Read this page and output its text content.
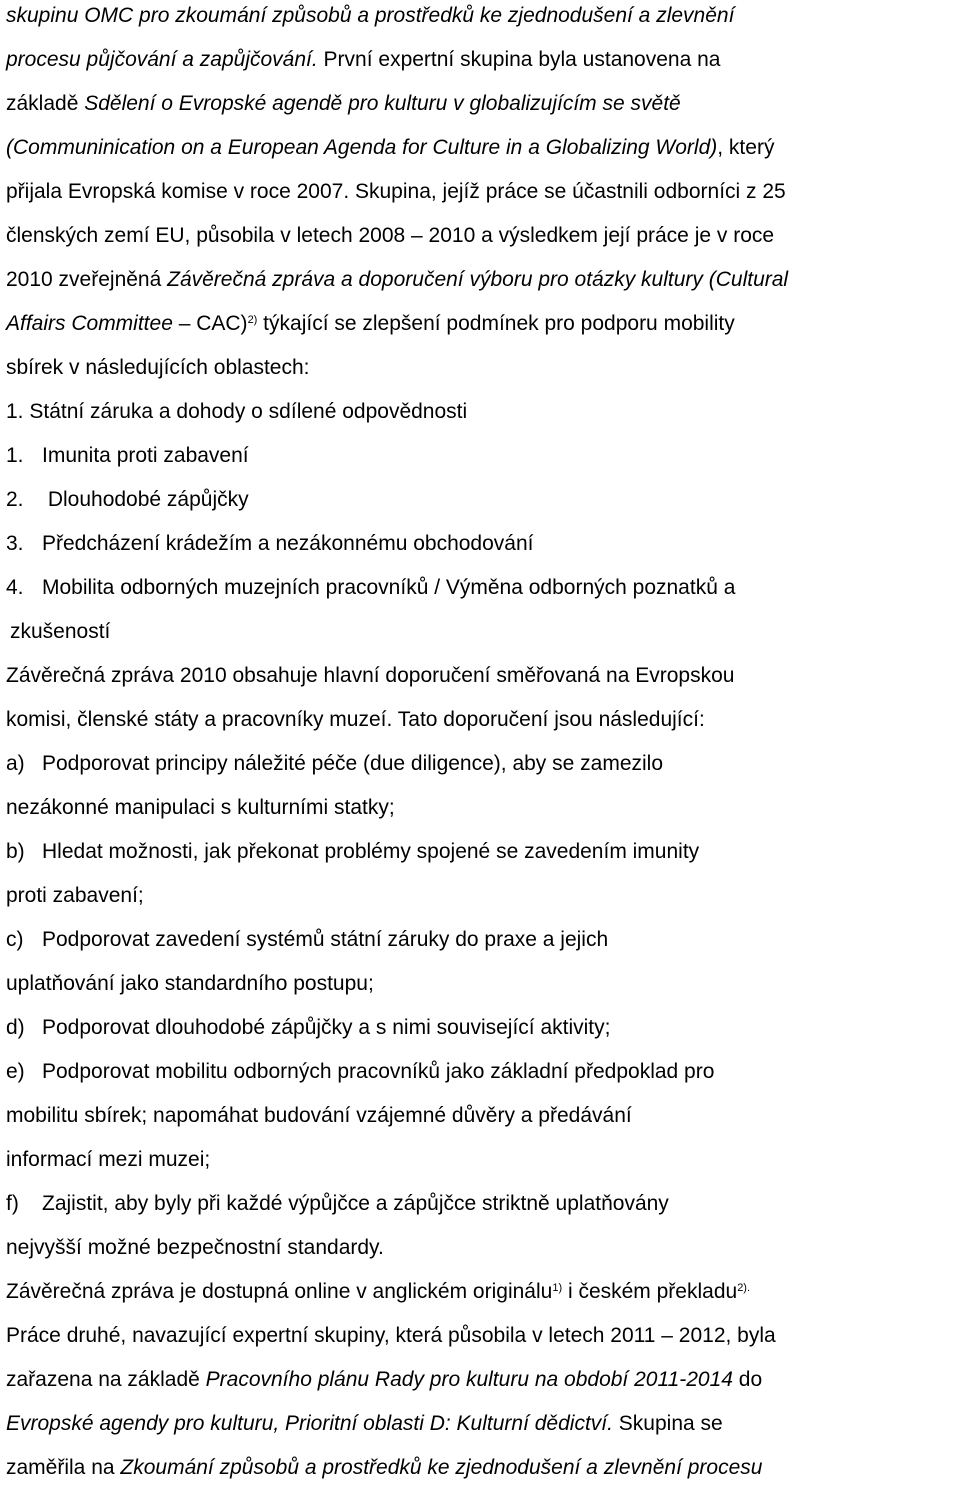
skupinu OMC pro zkoumání způsobů a prostředků ke zjednodušení a zlevnění
procesu půjčování a zapůjčování. První expertní skupina byla ustanovena na
základě Sdělení o Evropské agendě pro kulturu v globalizujícím se světě
(Communinication on a European Agenda for Culture in a Globalizing World), který
přijala Evropská komise v roce 2007. Skupina, jejíž práce se účastnili odborníci z 25
členských zemí EU, působila v letech 2008 – 2010 a výsledkem její práce je v roce
2010 zveřejněná Závěrečná zpráva a doporučení výboru pro otázky kultury (Cultural
Affairs Committee – CAC)$^{2)}$ týkající se zlepšení podmínek pro podporu mobility
sbírek v následujících oblastech:
1. Státní záruka a dohody o sdílené odpovědnosti
1. Imunita proti zabavení
2. Dlouhodobé zápůjčky
3. Předcházení krádežím a nezákonnému obchodování
4. Mobilita odborných muzejních pracovníků / Výměna odborných poznatků a
zkušeností
Závěrečná zpráva 2010 obsahuje hlavní doporučení směřovaná na Evropskou
komisi, členské státy a pracovníky muzeí. Tato doporučení jsou následující:
a) Podporovat principy náležité péče (due diligence), aby se zamezilo
nezákonné manipulaci s kulturními statky;
b) Hledat možnosti, jak překonat problémy spojené se zavedením imunity
proti zabavení;
c) Podporovat zavedení systémů státní záruky do praxe a jejich
uplatňování jako standardního postupu;
d) Podporovat dlouhodobé zápůjčky a s nimi související aktivity;
e) Podporovat mobilitu odborných pracovníků jako základní předpoklad pro
mobilitu sbírek; napomáhat budování vzájemné důvěry a předávání
informací mezi muzei;
f) Zajistit, aby byly při každé výpůjčce a zápůjčce striktně uplatňovány
nejvyšší možné bezpečnostní standardy.
Závěrečná zpráva je dostupná online v anglickém originálu$^{1)}$ i českém překladu$^{2).}$
Práce druhé, navazující expertní skupiny, která působila v letech 2011 – 2012, byla
zařazena na základě Pracovního plánu Rady pro kulturu na období 2011-2014 do
Evropské agendy pro kulturu, Prioritní oblasti D: Kulturní dědictví. Skupina se
zaměřila na Zkoumání způsobů a prostředků ke zjednodušení a zlevnění procesu
